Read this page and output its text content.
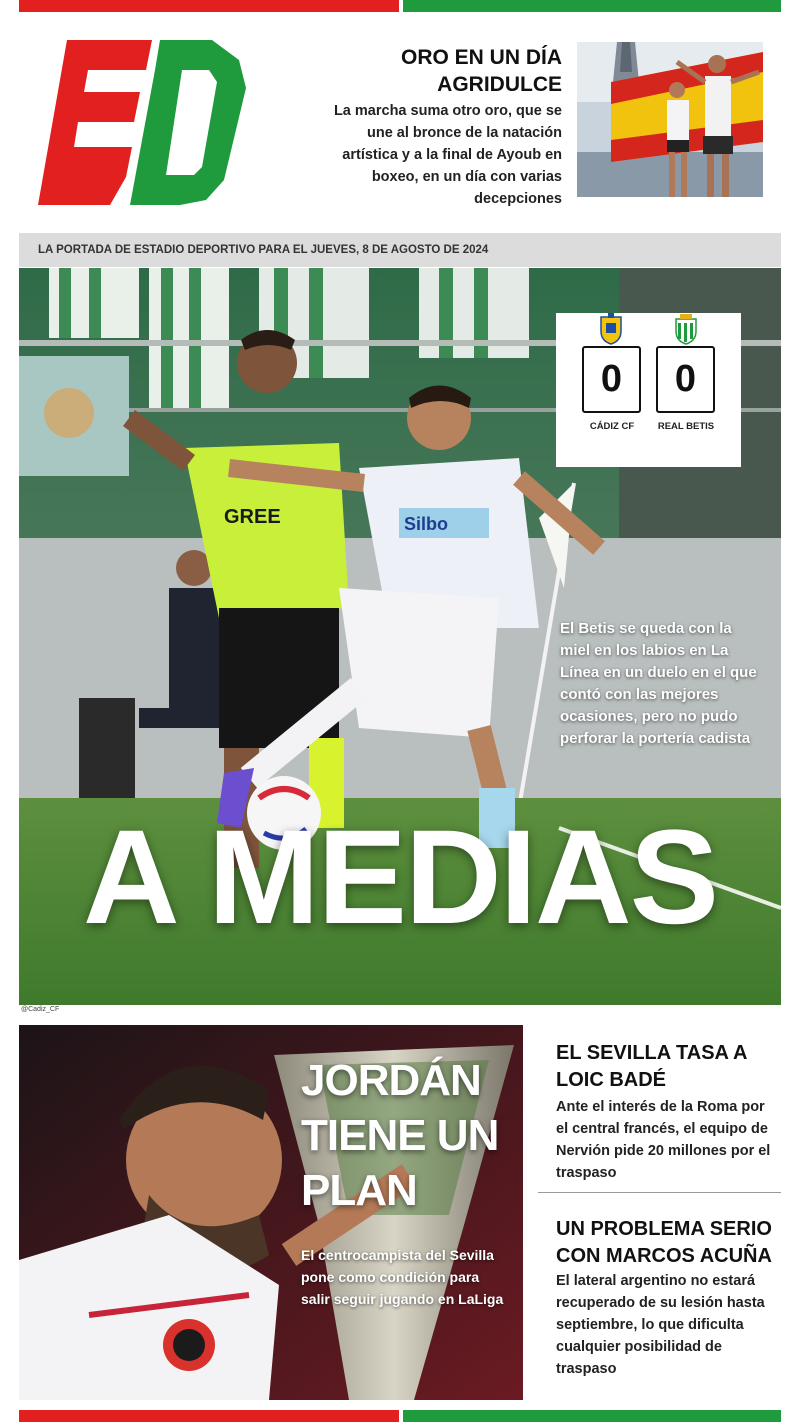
ORO EN UN DÍA AGRIDULCE
La marcha suma otro oro, que se une al bronce de la natación artística y a la final de Ayoub en boxeo, en un día con varias decepciones
LA PORTADA DE ESTADIO DEPORTIVO PARA EL JUEVES, 8 DE AGOSTO DE 2024
GREE	Silbo
0	0
CÁDIZ CF	REAL BETIS
El Betis se queda con la miel en los labios en La Línea en un duelo en el que contó con las mejores ocasiones, pero no pudo perforar la portería cadista
A MEDIAS
@Cadiz_CF
JORDÁN TIENE UN PLAN
El centrocampista del Sevilla pone como condición para salir seguir jugando en LaLiga
EL SEVILLA TASA A LOIC BADÉ
Ante el interés de la Roma por el central francés, el equipo de Nervión pide 20 millones por el traspaso
UN PROBLEMA SERIO CON MARCOS ACUÑA
El lateral argentino no estará recuperado de su lesión hasta septiembre, lo que dificulta cualquier posibilidad de traspaso
